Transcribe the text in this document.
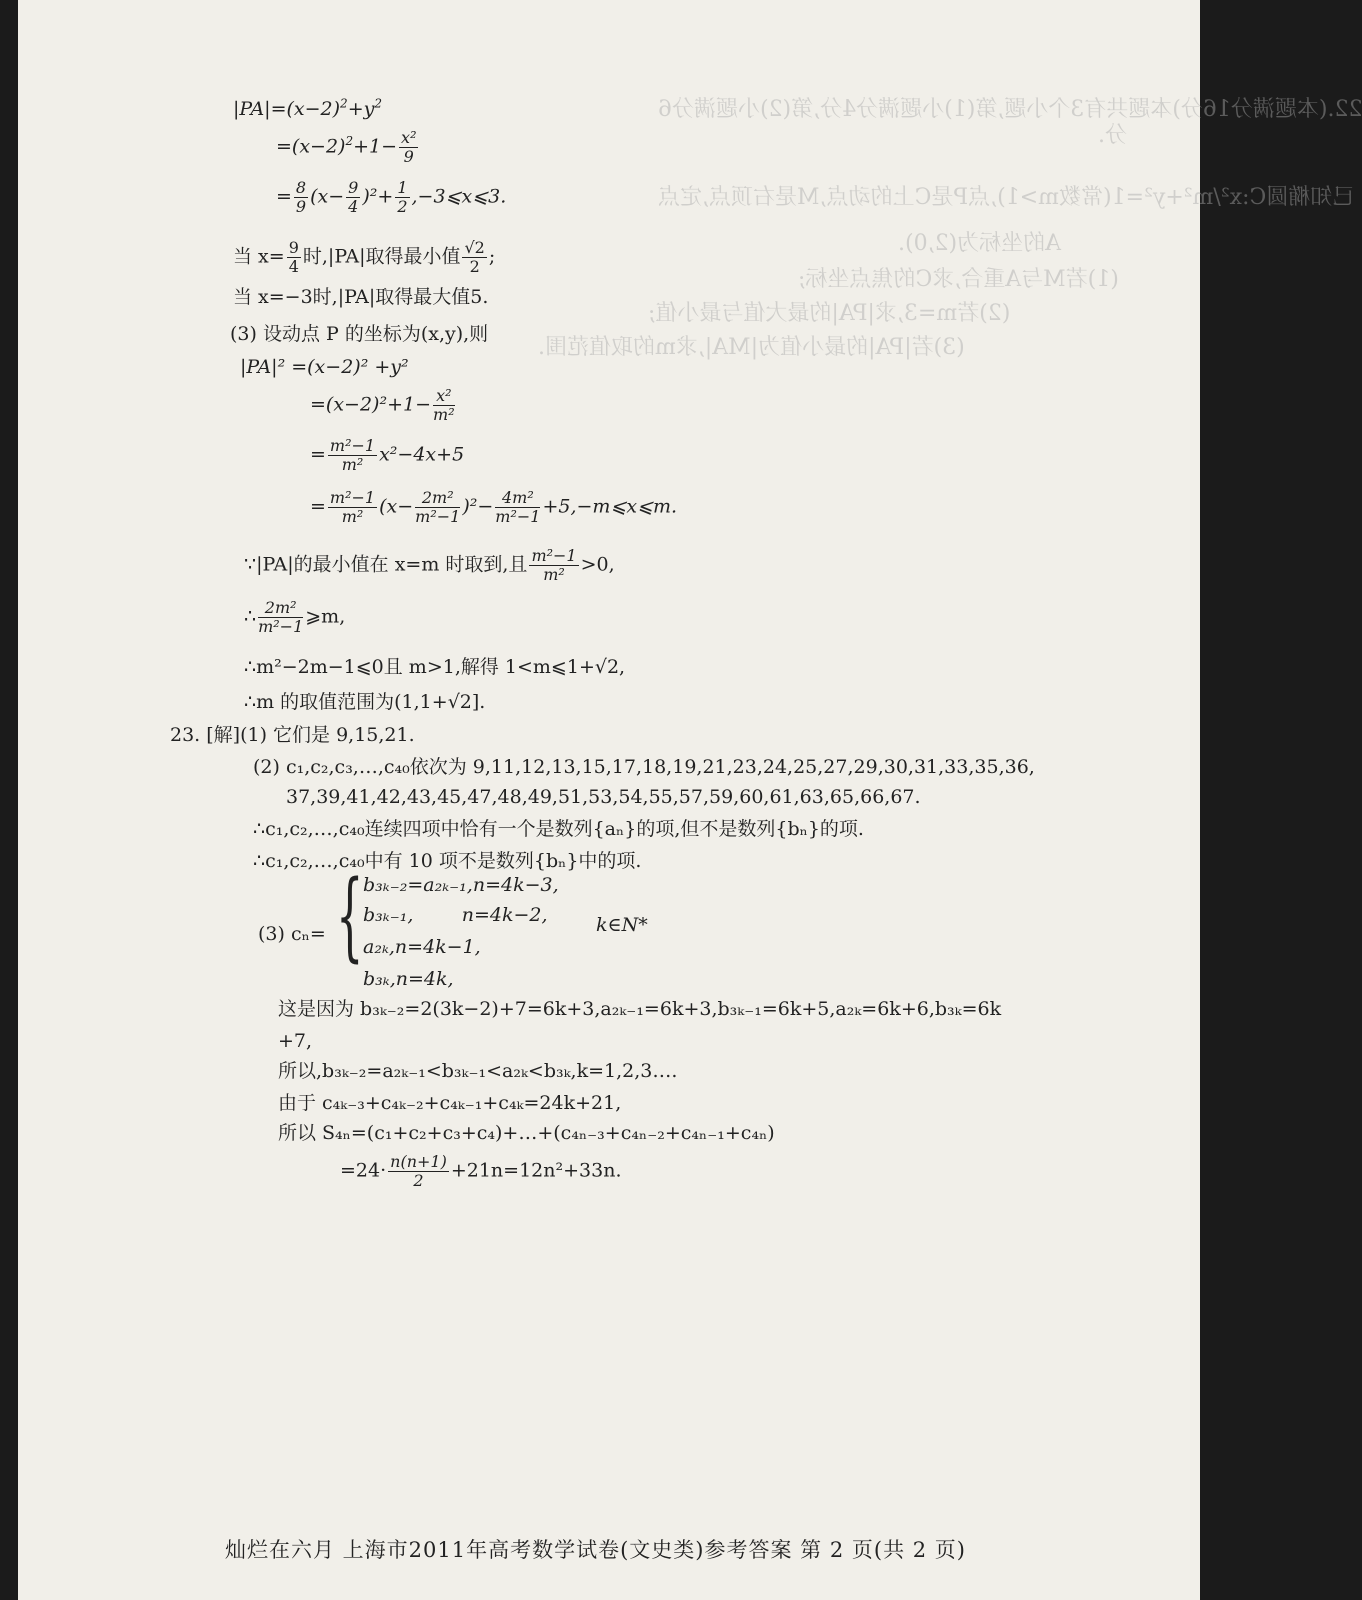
22.(本题满分16分)本题共有3个小题,第(1)小题满分4分,第(2)小题满分6
分.
已知椭圆C:x²/m²+y²=1(常数m>1),点P是C上的动点,M是右顶点,定点
A的坐标为(2,0).
(1)若M与A重合,求C的焦点坐标;
(2)若m=3,求|PA|的最大值与最小值;
(3)若|PA|的最小值为|MA|,求m的取值范围.
$|PA|=(x-2)^2+y^2$
$=(x-2)^2+1- \frac{\text{x²}}{9}$
= $\frac{8}{9} (x- \frac{9}{4} )^2+ \frac{1}{2}$ ,−3⩽x⩽3.
当 $x= \frac{9}{4}$ 时,|PA|取得最小值 $\frac{√2}{2}$ ;
当 x=−3时,|PA|取得最大值5.
(3) 设动点 P 的坐标为(x,y),则
|PA|² =(x−2)² +y²
$=(x-2)^2+1- \frac{\text{x²}}{\text{m²}}$
= $\frac{\text{m²−1}}{\text{m²}} x^2-4x+5$
= $\frac{\text{m²−1}}{\text{m²}} (x- \frac{\text{2m²}}{\text{m²−1}} )^2- \frac{\text{4m²}}{\text{m²−1}}$ +5,−m⩽x⩽m.
∵|PA|的最小值在 x=m 时取到,且 $\frac{\text{m²−1}}{\text{m²}} >0$,
∴ $\frac{\text{2m²}}{\text{m²−1}}$ ⩾m,
∴m²−2m−1⩽0且 m>1,解得 1<m⩽1+√2,
∴m 的取值范围为(1,1+√2].
23. [解](1) 它们是 9,15,21.
(2) c₁,c₂,c₃,…,c₄₀依次为 9,11,12,13,15,17,18,19,21,23,24,25,27,29,30,31,33,35,36,
37,39,41,42,43,45,47,48,49,51,53,54,55,57,59,60,61,63,65,66,67.
∴c₁,c₂,…,c₄₀连续四项中恰有一个是数列{aₙ}的项,但不是数列{bₙ}的项.
∴c₁,c₂,…,c₄₀中有 10 项不是数列{bₙ}中的项.
(3) cₙ= { b₃ₖ₋₂=a₂ₖ₋₁,n=4k−3,
b₃ₖ₋₁,        n=4k−2,
a₂ₖ,n=4k−1,
b₃ₖ,n=4k,
k∈N*
这是因为 b₃ₖ₋₂=2(3k−2)+7=6k+3,a₂ₖ₋₁=6k+3,b₃ₖ₋₁=6k+5,a₂ₖ=6k+6,b₃ₖ=6k
+7,
所以,b₃ₖ₋₂=a₂ₖ₋₁<b₃ₖ₋₁<a₂ₖ<b₃ₖ,k=1,2,3….
由于 c₄ₖ₋₃+c₄ₖ₋₂+c₄ₖ₋₁+c₄ₖ=24k+21,
所以 S₄ₙ=(c₁+c₂+c₃+c₄)+…+(c₄ₙ₋₃+c₄ₙ₋₂+c₄ₙ₋₁+c₄ₙ)
$=24\cdot \frac{n(n+1)}{2} +21n=12n^2+33n$.
灿烂在六月 上海市2011年高考数学试卷(文史类)参考答案 第 2 页(共 2 页)
